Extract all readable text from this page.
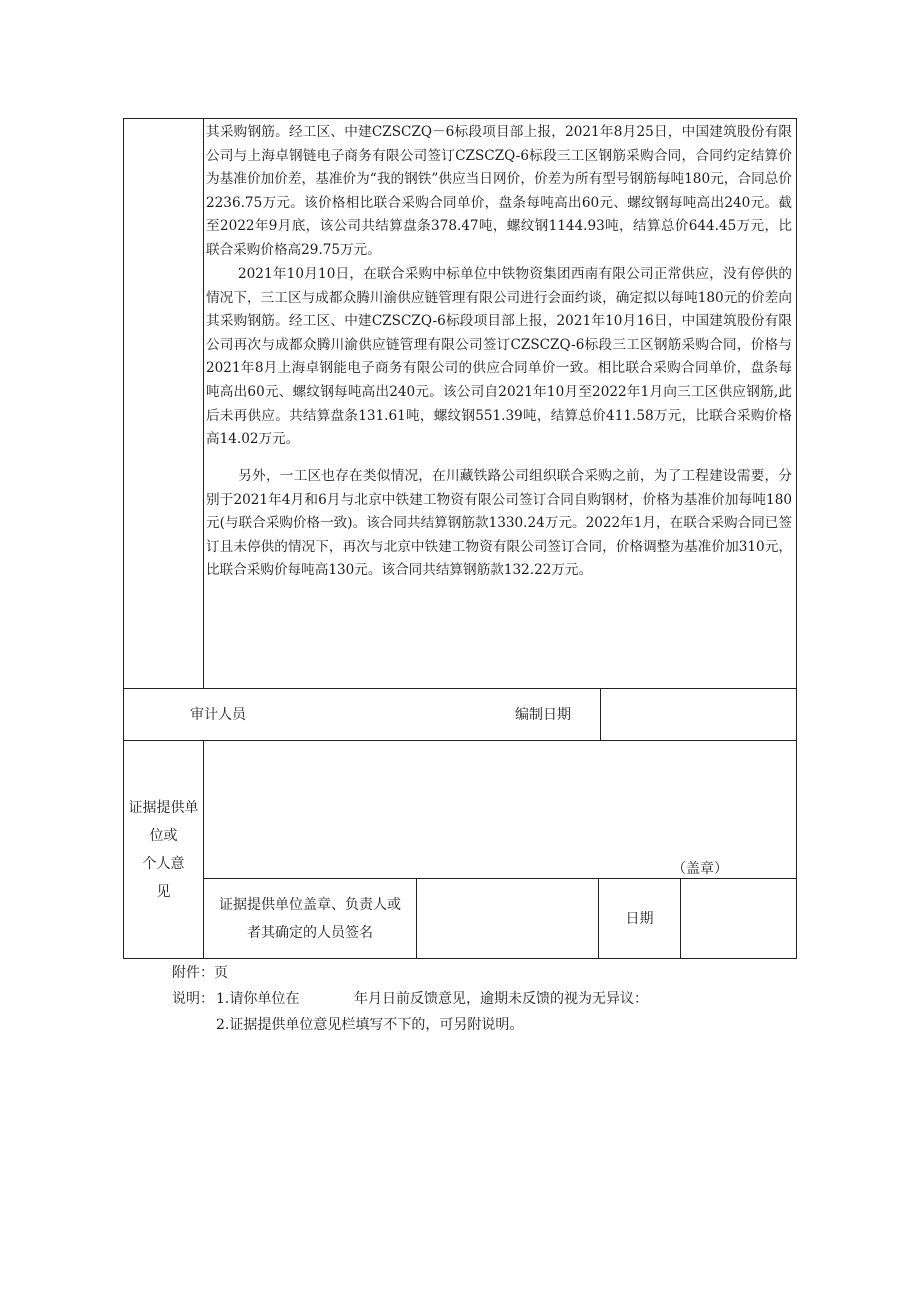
其采购钢筋。经工区、中建CZSCZQ－6标段项目部上报，2021年8月25日，中国建筑股份有限公司与上海卓钢链电子商务有限公司签订CZSCZQ-6标段三工区钢筋采购合同，合同约定结算价为基准价加价差，基准价为“我的钢铁”供应当日网价，价差为所有型号钢筋每吨180元，合同总价2236.75万元。该价格相比联合采购合同单价，盘条每吨高出60元、螺纹钢每吨高出240元。截至2022年9月底，该公司共结算盘条378.47吨，螺纹钢1144.93吨，结算总价644.45万元，比联合采购价格高29.75万元。

2021年10月10日，在联合采购中标单位中铁物资集团西南有限公司正常供应，没有停供的情况下，三工区与成都众腾川渝供应链管理有限公司进行会面约谈，确定拟以每吨180元的价差向其采购钢筋。经工区、中建CZSCZQ-6标段项目部上报，2021年10月16日，中国建筑股份有限公司再次与成都众腾川渝供应链管理有限公司签订CZSCZQ-6标段三工区钢筋采购合同，价格与2021年8月上海卓钢能电子商务有限公司的供应合同单价一致。相比联合采购合同单价，盘条每吨高出60元、螺纹钢每吨高出240元。该公司自2021年10月至2022年1月向三工区供应钢筋,此后未再供应。共结算盘条131.61吨，螺纹钢551.39吨，结算总价411.58万元，比联合采购价格高14.02万元。

另外，一工区也存在类似情况，在川藏铁路公司组织联合采购之前，为了工程建设需要，分别于2021年4月和6月与北京中铁建工物资有限公司签订合同自购钢材，价格为基准价加每吨180元(与联合采购价格一致)。该合同共结算钢筋款1330.24万元。2022年1月，在联合采购合同已签订且未停供的情况下，再次与北京中铁建工物资有限公司签订合同，价格调整为基准价加310元，比联合采购价每吨高130元。该合同共结算钢筋款132.22万元。

审计人员	编制日期
证据提供单
位或
个人意
见
（盖章）
证据提供单位盖章、负责人或
者其确定的人员签名
日期
附件：页
说明： 1.请你单位在	年月日前反馈意见，逾期未反馈的视为无异议：
2.证据提供单位意见栏填写不下的，可另附说明。
